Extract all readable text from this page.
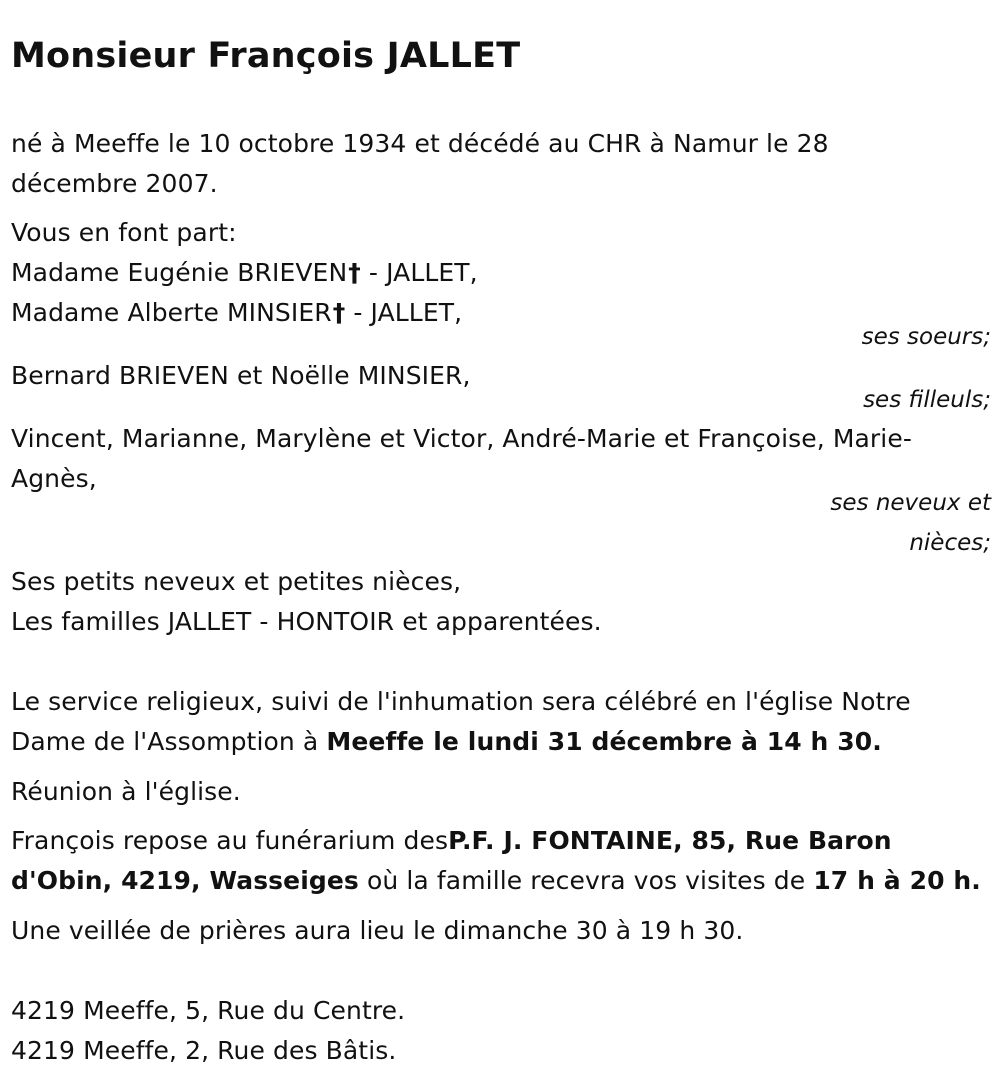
Monsieur François JALLET
né à Meeffe le 10 octobre 1934 et décédé au CHR à Namur le 28
décembre 2007.
Vous en font part:
Madame Eugénie BRIEVEN† - JALLET,
Madame Alberte MINSIER† - JALLET,
ses soeurs;
Bernard BRIEVEN et Noëlle MINSIER,
ses filleuls;
Vincent, Marianne, Marylène et Victor, André-Marie et Françoise, Marie-
Agnès,
ses neveux et
nièces;
Ses petits neveux et petites nièces,
Les familles JALLET - HONTOIR et apparentées.
Le service religieux, suivi de l'inhumation sera célébré en l'église Notre
Dame de l'Assomption à Meeffe le lundi 31 décembre à 14 h 30.
Réunion à l'église.
François repose au funérarium desP.F. J. FONTAINE, 85, Rue Baron
d'Obin, 4219, Wasseiges où la famille recevra vos visites de 17 h à 20 h.
Une veillée de prières aura lieu le dimanche 30 à 19 h 30.
4219 Meeffe, 5, Rue du Centre.
4219 Meeffe, 2, Rue des Bâtis.
